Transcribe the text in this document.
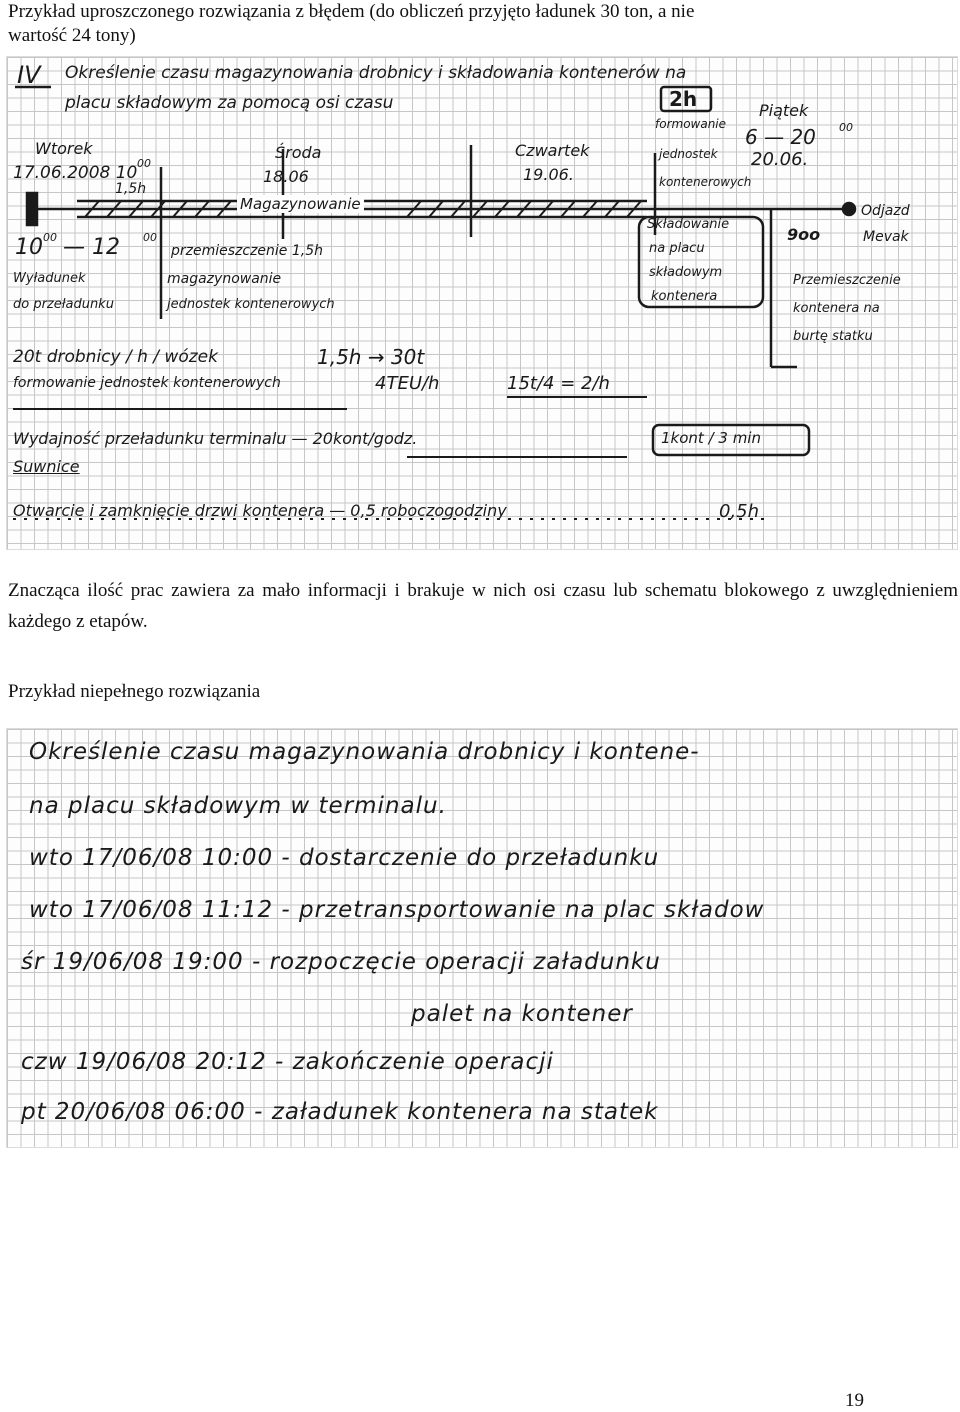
Przykład uproszczonego rozwiązania z błędem (do obliczeń przyjęto ładunek 30 ton, a nie wartość 24 tony)

IV Określenie czasu magazynowania drobnicy i składowania kontenerów na
placu składowym za pomocą osi czasu	2h
formowanie
jednostek
kontenerowych
Piątek
6 — 20 00
20.06.
Wtorek
17.06.2008 10 00
1,5h
Środa
18.06
Czwartek
19.06.
Magazynowanie
10 00 — 12 00
Wyładunek
do przeładunku
przemieszczenie 1,5h
magazynowanie
jednostek kontenerowych
Składowanie
na placu
składowym
kontenera
9oo
Odjazd
Mevak
Przemieszczenie
kontenera na
burtę statku
20t drobnicy / h / wózek	1,5h → 30t
formowanie jednostek kontenerowych	4TEU/h	15t/4 = 2/h
Wydajność przeładunku terminalu — 20kont/godz.	1kont / 3 min
Suwnice
Otwarcie i zamknięcie drzwi kontenera — 0,5 roboczogodziny	0,5h

Znacząca ilość prac zawiera za mało informacji i brakuje w nich osi czasu lub schematu blokowego z uwzględnieniem każdego z etapów.

Przykład niepełnego rozwiązania

Określenie czasu magazynowania drobnicy i kontene-
na placu składowym w terminalu.
wto 17/06/08 10:00 - dostarczenie do przeładunku
wto 17/06/08 11:12 - przetransportowanie na plac składow
śr 19/06/08 19:00 - rozpoczęcie operacji załadunku
palet na kontener
czw 19/06/08 20:12 - zakończenie operacji
pt 20/06/08 06:00 - załadunek kontenera na statek
19
